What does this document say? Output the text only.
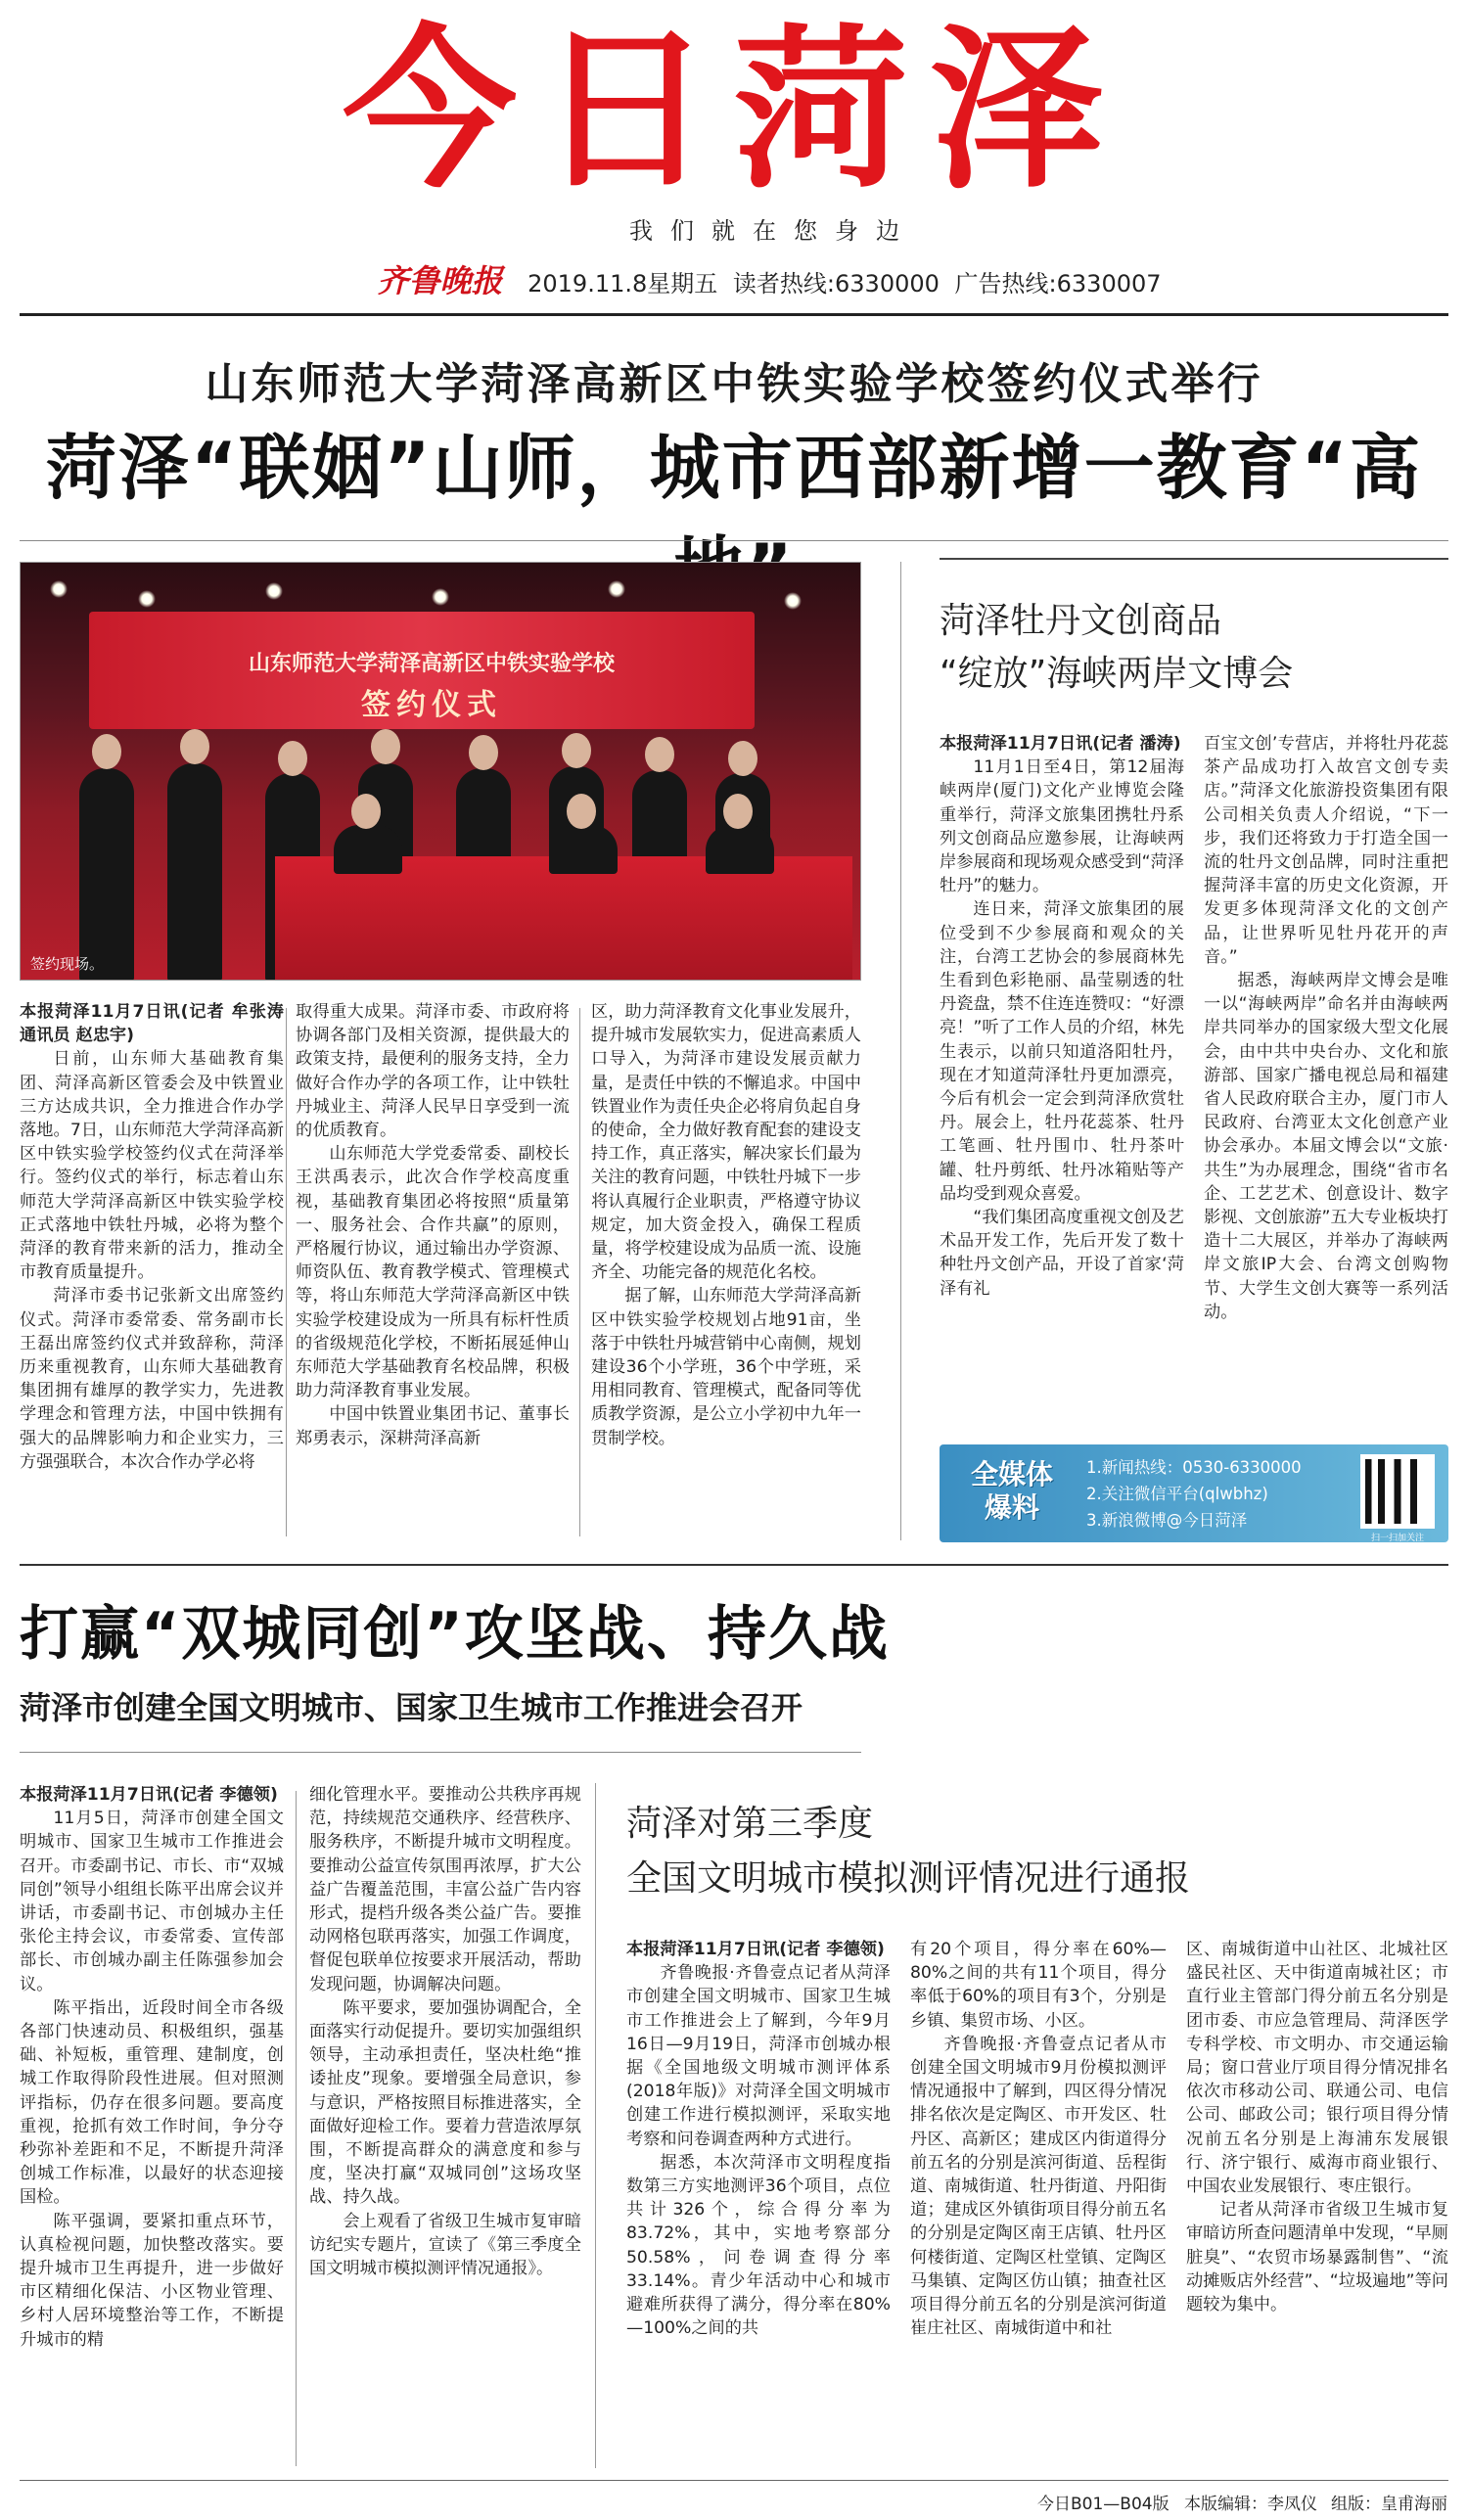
今日菏泽
我们就在您身边
齐鲁晚报 2019.11.8星期五 读者热线:6330000 广告热线:6330007
山东师范大学菏泽高新区中铁实验学校签约仪式举行
菏泽“联姻”山师，城市西部新增一教育“高
山东师范大学菏泽高新区中铁实验学校
签约仪式
签约现场。

本报菏泽11月7日讯(记者 牟张涛 通讯员 赵忠宇)

日前，山东师大基础教育集团、菏泽高新区管委会及中铁置业三方达成共识，全力推进合作办学落地。7日，山东师范大学菏泽高新区中铁实验学校签约仪式在菏泽举行。签约仪式的举行，标志着山东师范大学菏泽高新区中铁实验学校正式落地中铁牡丹城，必将为整个菏泽的教育带来新的活力，推动全市教育质量提升。

菏泽市委书记张新文出席签约仪式。菏泽市委常委、常务副市长王磊出席签约仪式并致辞称，菏泽历来重视教育，山东师大基础教育集团拥有雄厚的教学实力，先进教学理念和管理方法，中国中铁拥有强大的品牌影响力和企业实力，三方强强联合，本次合作办学必将

取得重大成果。菏泽市委、市政府将协调各部门及相关资源，提供最大的政策支持，最便利的服务支持，全力做好合作办学的各项工作，让中铁牡丹城业主、菏泽人民早日享受到一流的优质教育。

山东师范大学党委常委、副校长王洪禹表示，此次合作学校高度重视，基础教育集团必将按照“质量第一、服务社会、合作共赢”的原则，严格履行协议，通过输出办学资源、师资队伍、教育教学模式、管理模式等，将山东师范大学菏泽高新区中铁实验学校建设成为一所具有标杆性质的省级规范化学校，不断拓展延伸山东师范大学基础教育名校品牌，积极助力菏泽教育事业发展。

中国中铁置业集团书记、董事长郑勇表示，深耕菏泽高新

区，助力菏泽教育文化事业发展升，提升城市发展软实力，促进高素质人口导入，为菏泽市建设发展贡献力量，是责任中铁的不懈追求。中国中铁置业作为责任央企必将肩负起自身的使命，全力做好教育配套的建设支持工作，真正落实，解决家长们最为关注的教育问题，中铁牡丹城下一步将认真履行企业职责，严格遵守协议规定，加大资金投入，确保工程质量，将学校建设成为品质一流、设施齐全、功能完备的规范化名校。

据了解，山东师范大学菏泽高新区中铁实验学校规划占地91亩，坐落于中铁牡丹城营销中心南侧，规划建设36个小学班，36个中学班，采用相同教育、管理模式，配备同等优质教学资源，是公立小学初中九年一贯制学校。

菏泽牡丹文创商品
“绽放”海峡两岸文博会

本报菏泽11月7日讯(记者 潘涛)

11月1日至4日，第12届海峡两岸(厦门)文化产业博览会隆重举行，菏泽文旅集团携牡丹系列文创商品应邀参展，让海峡两岸参展商和现场观众感受到“菏泽牡丹”的魅力。

连日来，菏泽文旅集团的展位受到不少参展商和观众的关注，台湾工艺协会的参展商林先生看到色彩艳丽、晶莹剔透的牡丹瓷盘，禁不住连连赞叹：“好漂亮！”听了工作人员的介绍，林先生表示，以前只知道洛阳牡丹，现在才知道菏泽牡丹更加漂亮，今后有机会一定会到菏泽欣赏牡丹。展会上，牡丹花蕊茶、牡丹工笔画、牡丹围巾、牡丹茶叶罐、牡丹剪纸、牡丹冰箱贴等产品均受到观众喜爱。

“我们集团高度重视文创及艺术品开发工作，先后开发了数十种牡丹文创产品，开设了首家‘菏泽有礼

百宝文创’专营店，并将牡丹花蕊茶产品成功打入故宫文创专卖店。”菏泽文化旅游投资集团有限公司相关负责人介绍说，“下一步，我们还将致力于打造全国一流的牡丹文创品牌，同时注重把握菏泽丰富的历史文化资源，开发更多体现菏泽文化的文创产品，让世界听见牡丹花开的声音。”

据悉，海峡两岸文博会是唯一以“海峡两岸”命名并由海峡两岸共同举办的国家级大型文化展会，由中共中央台办、文化和旅游部、国家广播电视总局和福建省人民政府联合主办，厦门市人民政府、台湾亚太文化创意产业协会承办。本届文博会以“文旅·共生”为办展理念，围绕“省市名企、工艺艺术、创意设计、数字影视、文创旅游”五大专业板块打造十二大展区，并举办了海峡两岸文旅IP大会、台湾文创购物节、大学生文创大赛等一系列活动。

全媒体
爆料
1.新闻热线：0530-6330000
2.关注微信平台(qlwbhz)
3.新浪微博@今日菏泽
扫一扫加关注
打赢“双城同创”攻坚战、持久战
菏泽市创建全国文明城市、国家卫生城市工作推进会召开

本报菏泽11月7日讯(记者 李德领)

11月5日，菏泽市创建全国文明城市、国家卫生城市工作推进会召开。市委副书记、市长、市“双城同创”领导小组组长陈平出席会议并讲话，市委副书记、市创城办主任张伦主持会议，市委常委、宣传部部长、市创城办副主任陈强参加会议。

陈平指出，近段时间全市各级各部门快速动员、积极组织，强基础、补短板，重管理、建制度，创城工作取得阶段性进展。但对照测评指标，仍存在很多问题。要高度重视，抢抓有效工作时间，争分夺秒弥补差距和不足，不断提升菏泽创城工作标准，以最好的状态迎接国检。

陈平强调，要紧扣重点环节，认真检视问题，加快整改落实。要提升城市卫生再提升，进一步做好市区精细化保洁、小区物业管理、乡村人居环境整治等工作，不断提升城市的精

细化管理水平。要推动公共秩序再规范，持续规范交通秩序、经营秩序、服务秩序，不断提升城市文明程度。要推动公益宣传氛围再浓厚，扩大公益广告覆盖范围，丰富公益广告内容形式，提档升级各类公益广告。要推动网格包联再落实，加强工作调度，督促包联单位按要求开展活动，帮助发现问题，协调解决问题。

陈平要求，要加强协调配合，全面落实行动促提升。要切实加强组织领导，主动承担责任，坚决杜绝“推诿扯皮”现象。要增强全局意识，参与意识，严格按照目标推进落实，全面做好迎检工作。要着力营造浓厚氛围，不断提高群众的满意度和参与度，坚决打赢“双城同创”这场攻坚战、持久战。

会上观看了省级卫生城市复审暗访纪实专题片，宣读了《第三季度全国文明城市模拟测评情况通报》。

菏泽对第三季度
全国文明城市模拟测评情况进行通报

本报菏泽11月7日讯(记者 李德领)

齐鲁晚报·齐鲁壹点记者从菏泽市创建全国文明城市、国家卫生城市工作推进会上了解到，今年9月16日—9月19日，菏泽市创城办根据《全国地级文明城市测评体系(2018年版)》对菏泽全国文明城市创建工作进行模拟测评，采取实地考察和问卷调查两种方式进行。

据悉，本次菏泽市文明程度指数第三方实地测评36个项目，点位共计326个，综合得分率为83.72%，其中，实地考察部分50.58%，问卷调查得分率33.14%。青少年活动中心和城市避难所获得了满分，得分率在80%—100%之间的共

有20个项目，得分率在60%—80%之间的共有11个项目，得分率低于60%的项目有3个，分别是乡镇、集贸市场、小区。

齐鲁晚报·齐鲁壹点记者从市创建全国文明城市9月份模拟测评情况通报中了解到，四区得分情况排名依次是定陶区、市开发区、牡丹区、高新区；建成区内街道得分前五名的分别是滨河街道、岳程街道、南城街道、牡丹街道、丹阳街道；建成区外镇街项目得分前五名的分别是定陶区南王店镇、牡丹区何楼街道、定陶区杜堂镇、定陶区马集镇、定陶区仿山镇；抽查社区项目得分前五名的分别是滨河街道崔庄社区、南城街道中和社

区、南城街道中山社区、北城社区盛民社区、天中街道南城社区；市直行业主管部门得分前五名分别是团市委、市应急管理局、菏泽医学专科学校、市文明办、市交通运输局；窗口营业厅项目得分情况排名依次市移动公司、联通公司、电信公司、邮政公司；银行项目得分情况前五名分别是上海浦东发展银行、济宁银行、威海市商业银行、中国农业发展银行、枣庄银行。

记者从菏泽市省级卫生城市复审暗访所查问题清单中发现，“早厕脏臭”、“农贸市场暴露制售”、“流动摊贩店外经营”、“垃圾遍地”等问题较为集中。

今日B01—B04版 本版编辑：李凤仪 组版：皇甫海丽
